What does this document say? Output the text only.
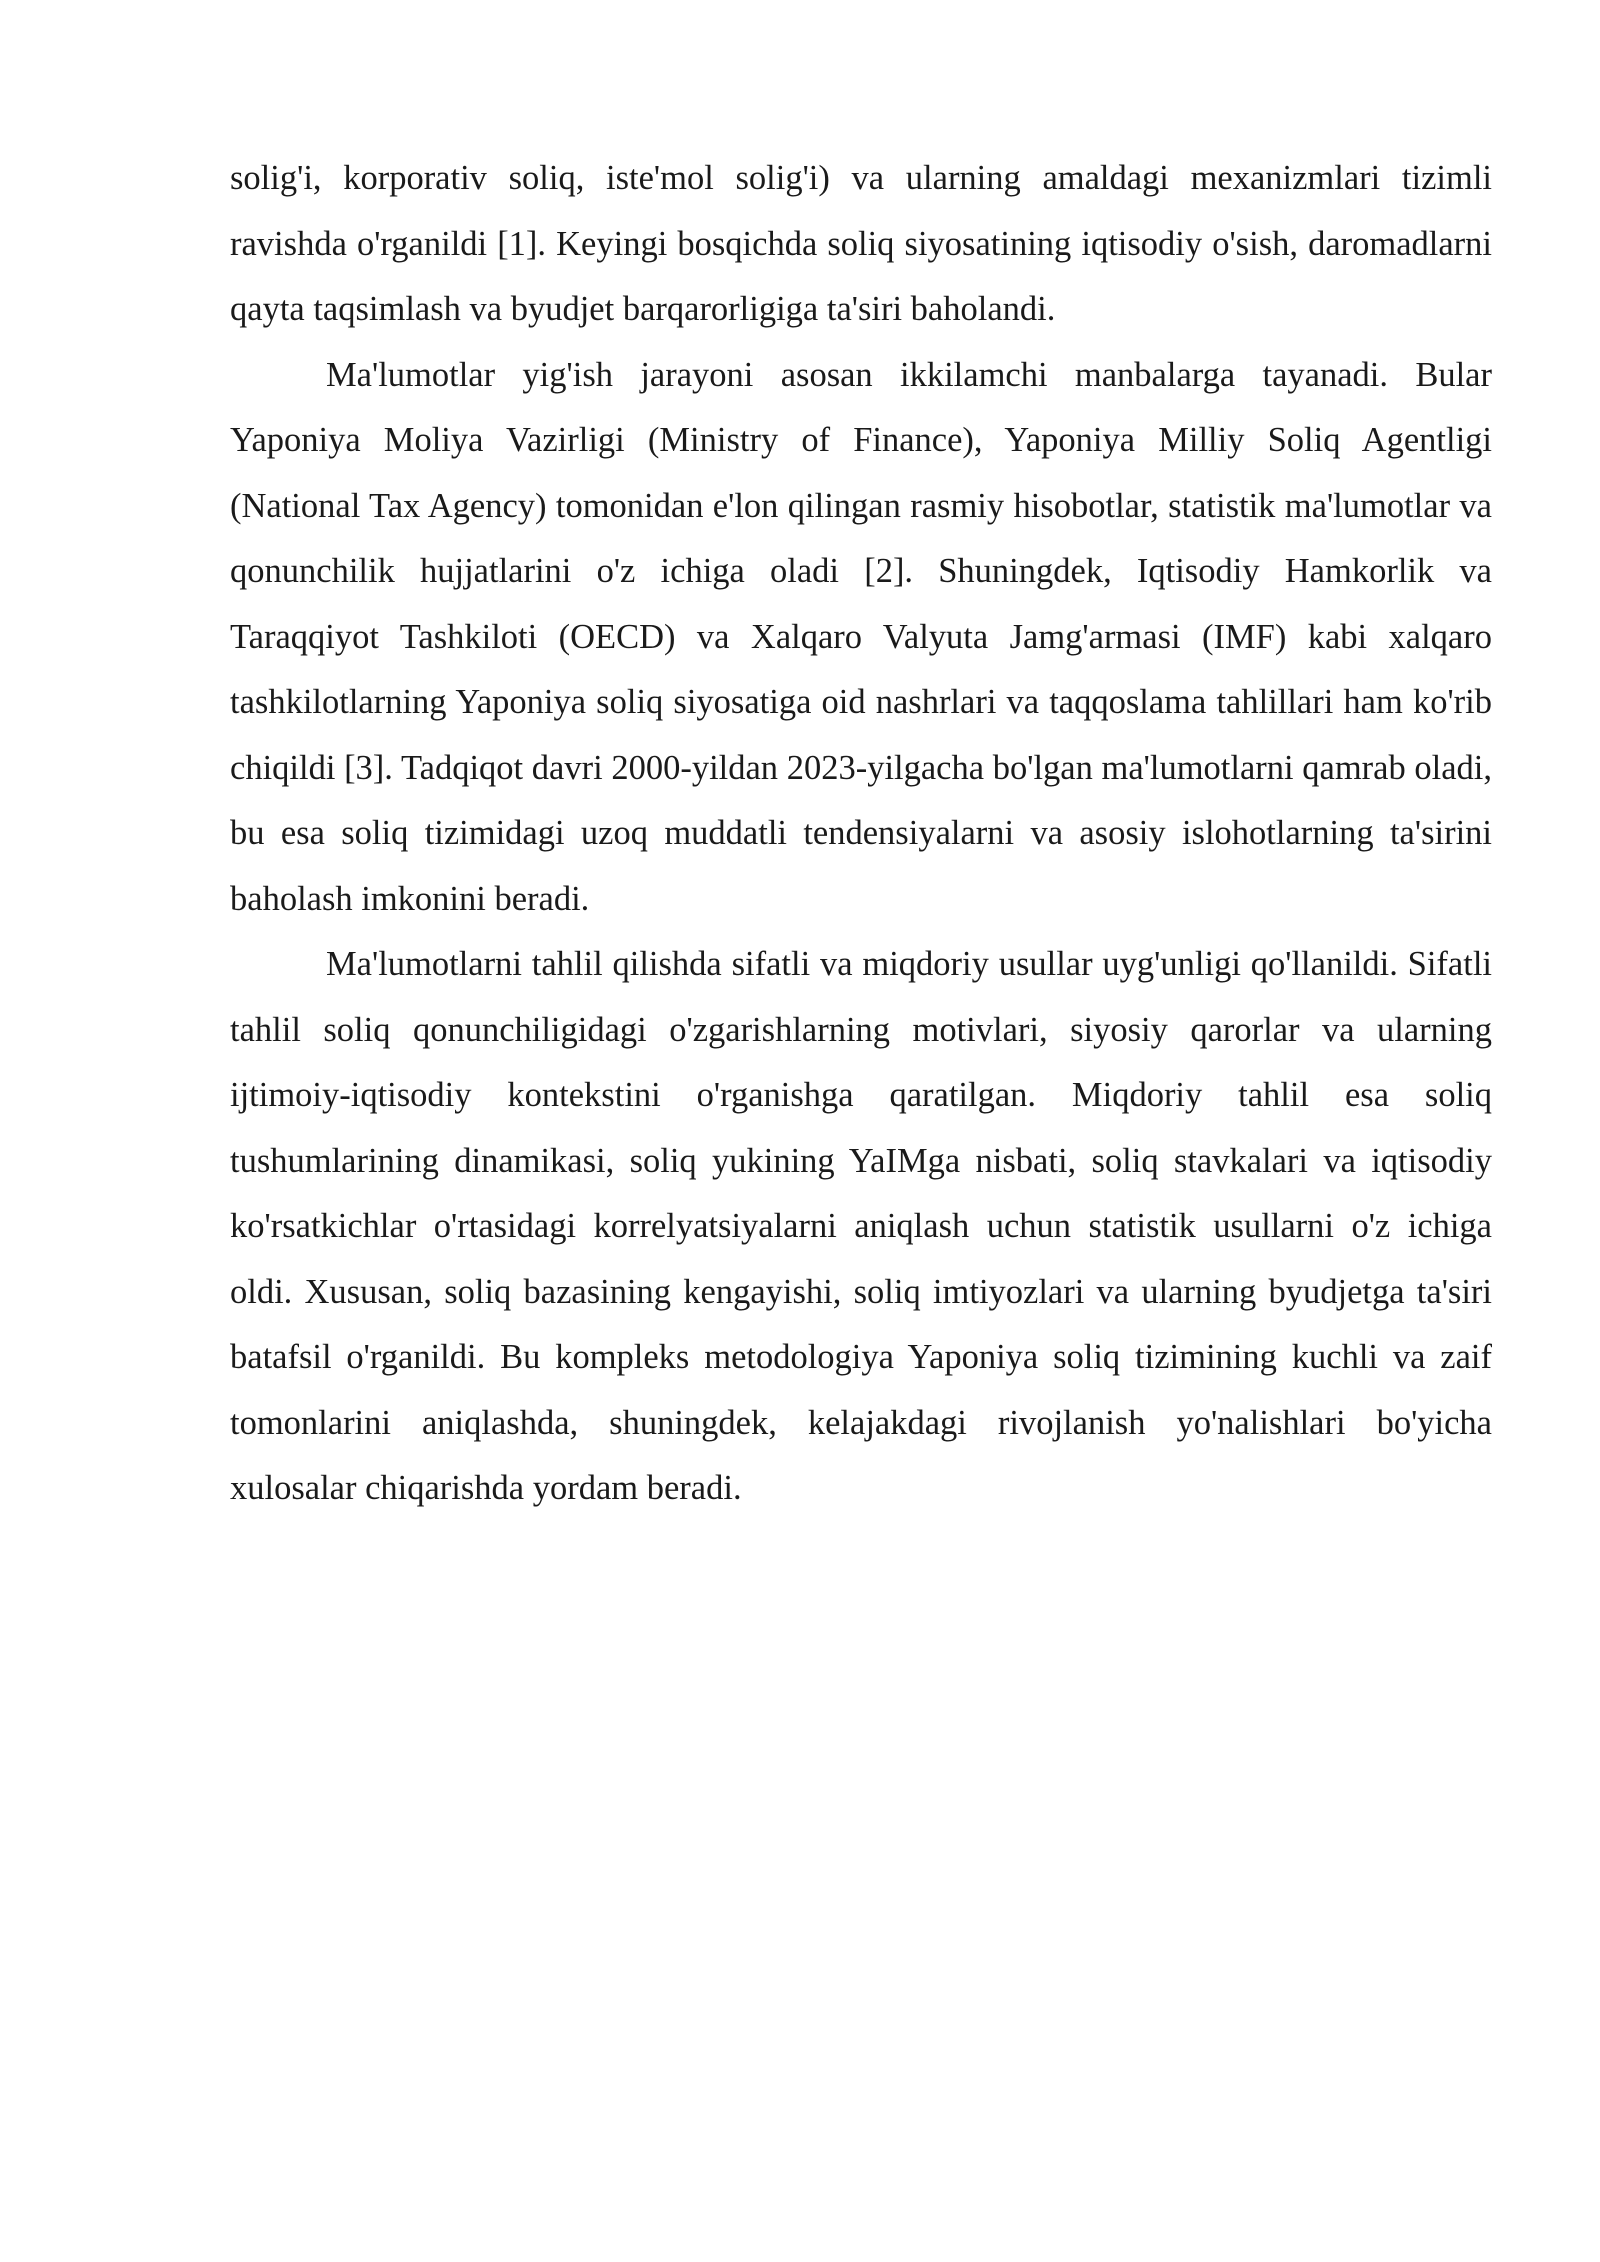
solig'i, korporativ soliq, iste'mol solig'i) va ularning amaldagi mexanizmlari tizimli ravishda o'rganildi [1]. Keyingi bosqichda soliq siyosatining iqtisodiy o'sish, daromadlarni qayta taqsimlash va byudjet barqarorligiga ta'siri baholandi.

Ma'lumotlar yig'ish jarayoni asosan ikkilamchi manbalarga tayanadi. Bular Yaponiya Moliya Vazirligi (Ministry of Finance), Yaponiya Milliy Soliq Agentligi (National Tax Agency) tomonidan e'lon qilingan rasmiy hisobotlar, statistik ma'lumotlar va qonunchilik hujjatlarini o'z ichiga oladi [2]. Shuningdek, Iqtisodiy Hamkorlik va Taraqqiyot Tashkiloti (OECD) va Xalqaro Valyuta Jamg'armasi (IMF) kabi xalqaro tashkilotlarning Yaponiya soliq siyosatiga oid nashrlari va taqqoslama tahlillari ham ko'rib chiqildi [3]. Tadqiqot davri 2000-yildan 2023-yilgacha bo'lgan ma'lumotlarni qamrab oladi, bu esa soliq tizimidagi uzoq muddatli tendensiyalarni va asosiy islohotlarning ta'sirini baholash imkonini beradi.

Ma'lumotlarni tahlil qilishda sifatli va miqdoriy usullar uyg'unligi qo'llanildi. Sifatli tahlil soliq qonunchiligidagi o'zgarishlarning motivlari, siyosiy qarorlar va ularning ijtimoiy-iqtisodiy kontekstini o'rganishga qaratilgan. Miqdoriy tahlil esa soliq tushumlarining dinamikasi, soliq yukining YaIMga nisbati, soliq stavkalari va iqtisodiy ko'rsatkichlar o'rtasidagi korrelyatsiyalarni aniqlash uchun statistik usullarni o'z ichiga oldi. Xususan, soliq bazasining kengayishi, soliq imtiyozlari va ularning byudjetga ta'siri batafsil o'rganildi. Bu kompleks metodologiya Yaponiya soliq tizimining kuchli va zaif tomonlarini aniqlashda, shuningdek, kelajakdagi rivojlanish yo'nalishlari bo'yicha xulosalar chiqarishda yordam beradi.
